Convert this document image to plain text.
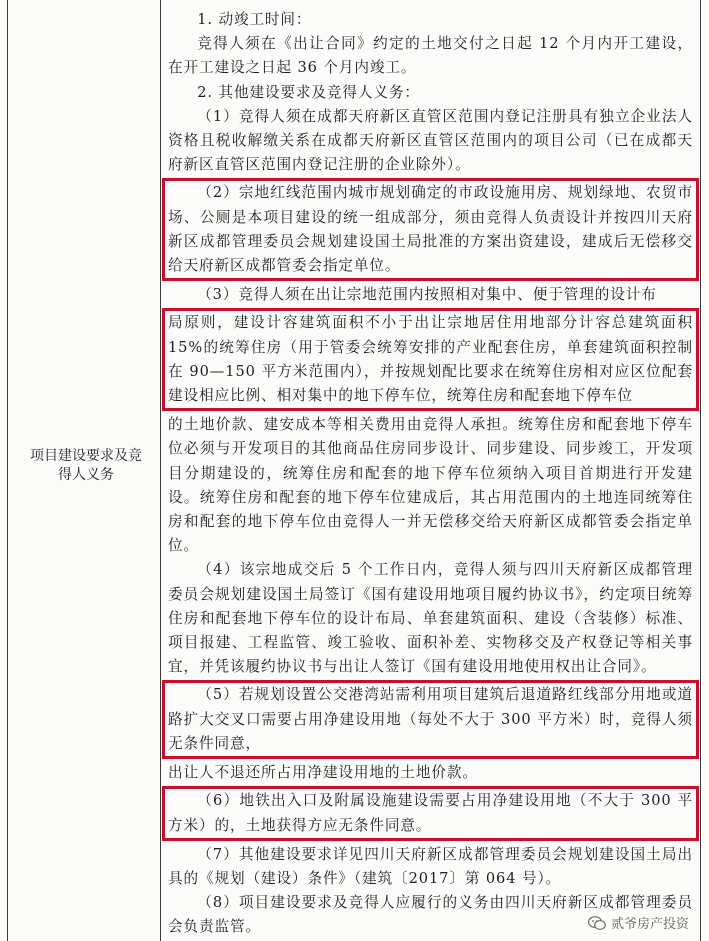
项目建设要求及竞得人义务

1. 动竣工时间：

竞得人须在《出让合同》约定的土地交付之日起 12 个月内开工建设，在开工建设之日起 36 个月内竣工。

2. 其他建设要求及竞得人义务：

（1）竞得人须在成都天府新区直管区范围内登记注册具有独立企业法人资格且税收解缴关系在成都天府新区直管区范围内的项目公司（已在成都天府新区直管区范围内登记注册的企业除外）。

（2）宗地红线范围内城市规划确定的市政设施用房、规划绿地、农贸市场、公厕是本项目建设的统一组成部分，须由竞得人负责设计并按四川天府新区成都管理委员会规划建设国土局批准的方案出资建设，建成后无偿移交给天府新区成都管委会指定单位。

（3）竞得人须在出让宗地范围内按照相对集中、便于管理的设计布

局原则，建设计容建筑面积不小于出让宗地居住用地部分计容总建筑面积15%的统筹住房（用于管委会统筹安排的产业配套住房，单套建筑面积控制在 90—150 平方米范围内），并按规划配比要求在统筹住房相对应区位配套建设相应比例、相对集中的地下停车位，统筹住房和配套地下停车位

的土地价款、建安成本等相关费用由竞得人承担。统筹住房和配套地下停车位必须与开发项目的其他商品住房同步设计、同步建设、同步竣工，开发项目分期建设的，统筹住房和配套的地下停车位须纳入项目首期进行开发建设。统筹住房和配套的地下停车位建成后，其占用范围内的土地连同统筹住房和配套的地下停车位由竞得人一并无偿移交给天府新区成都管委会指定单位。

（4）该宗地成交后 5 个工作日内，竞得人须与四川天府新区成都管理委员会规划建设国土局签订《国有建设用地项目履约协议书》，约定项目统筹住房和配套地下停车位的设计布局、单套建筑面积、建设（含装修）标准、项目报建、工程监管、竣工验收、面积补差、实物移交及产权登记等相关事宜，并凭该履约协议书与出让人签订《国有建设用地使用权出让合同》。

（5）若规划设置公交港湾站需利用项目建筑后退道路红线部分用地或道路扩大交叉口需要占用净建设用地（每处不大于 300 平方米）时，竞得人须无条件同意，

出让人不退还所占用净建设用地的土地价款。

（6）地铁出入口及附属设施建设需要占用净建设用地（不大于 300 平方米）的，土地获得方应无条件同意。

（7）其他建设要求详见四川天府新区成都管理委员会规划建设国土局出具的《规划（建设）条件》（建筑〔2017〕第 064 号）。

（8）项目建设要求及竞得人应履行的义务由四川天府新区成都管理委员会负责监管。	贰爷房产投资
